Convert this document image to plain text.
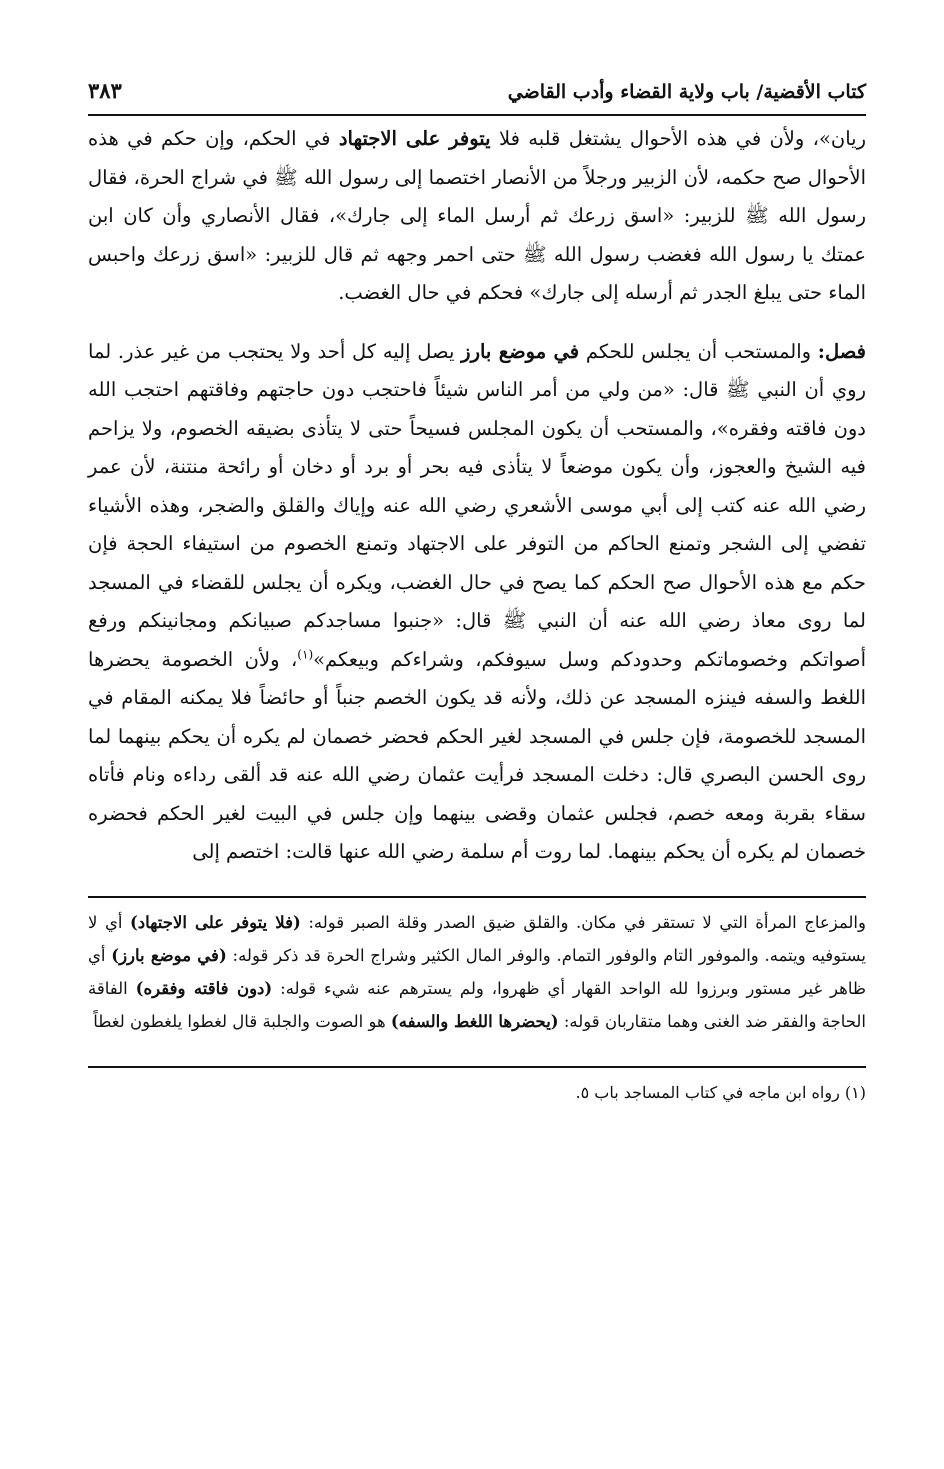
كتاب الأقضية/ باب ولاية القضاء وأدب القاضي
٣٨٣

ريان»، ولأن في هذه الأحوال يشتغل قلبه فلا يتوفر على الاجتهاد في الحكم، وإن حكم في هذه الأحوال صح حكمه، لأن الزبير ورجلاً من الأنصار اختصما إلى رسول الله ﷺ في شراج الحرة، فقال رسول الله ﷺ للزبير: «اسق زرعك ثم أرسل الماء إلى جارك»، فقال الأنصاري وأن كان ابن عمتك يا رسول الله فغضب رسول الله ﷺ حتى احمر وجهه ثم قال للزبير: «اسق زرعك واحبس الماء حتى يبلغ الجدر ثم أرسله إلى جارك» فحكم في حال الغضب.

فصل: والمستحب أن يجلس للحكم في موضع بارز يصل إليه كل أحد ولا يحتجب من غير عذر. لما روي أن النبي ﷺ قال: «من ولي من أمر الناس شيئاً فاحتجب دون حاجتهم وفاقتهم احتجب الله دون فاقته وفقره»، والمستحب أن يكون المجلس فسيحاً حتى لا يتأذى بضيقه الخصوم، ولا يزاحم فيه الشيخ والعجوز، وأن يكون موضعاً لا يتأذى فيه بحر أو برد أو دخان أو رائحة منتنة، لأن عمر رضي الله عنه كتب إلى أبي موسى الأشعري رضي الله عنه وإياك والقلق والضجر، وهذه الأشياء تفضي إلى الشجر وتمنع الحاكم من التوفر على الاجتهاد وتمنع الخصوم من استيفاء الحجة فإن حكم مع هذه الأحوال صح الحكم كما يصح في حال الغضب، ويكره أن يجلس للقضاء في المسجد لما روى معاذ رضي الله عنه أن النبي ﷺ قال: «جنبوا مساجدكم صبيانكم ومجانينكم ورفع أصواتكم وخصوماتكم وحدودكم وسل سيوفكم، وشراءكم وبيعكم»$^{(١)}$، ولأن الخصومة يحضرها اللغط والسفه فينزه المسجد عن ذلك، ولأنه قد يكون الخصم جنباً أو حائضاً فلا يمكنه المقام في المسجد للخصومة، فإن جلس في المسجد لغير الحكم فحضر خصمان لم يكره أن يحكم بينهما لما روى الحسن البصري قال: دخلت المسجد فرأيت عثمان رضي الله عنه قد ألقى رداءه ونام فأتاه سقاء بقربة ومعه خصم، فجلس عثمان وقضى بينهما وإن جلس في البيت لغير الحكم فحضره خصمان لم يكره أن يحكم بينهما. لما روت أم سلمة رضي الله عنها قالت: اختصم إلى

والمزعاج المرأة التي لا تستقر في مكان. والقلق ضيق الصدر وقلة الصبر قوله: (فلا يتوفر على الاجتهاد) أي لا يستوفيه ويتمه. والموفور التام والوفور التمام. والوفر المال الكثير وشراج الحرة قد ذكر قوله: (في موضع بارز) أي ظاهر غير مستور وبرزوا لله الواحد القهار أي ظهروا، ولم يسترهم عنه شيء قوله: (دون فاقته وفقره) الفاقة الحاجة والفقر ضد الغنى وهما متقاربان قوله: (يحضرها اللغط والسفه) هو الصوت والجلبة قال لغطوا يلغطون لغطاً

(١) رواه ابن ماجه في كتاب المساجد باب ٥.
